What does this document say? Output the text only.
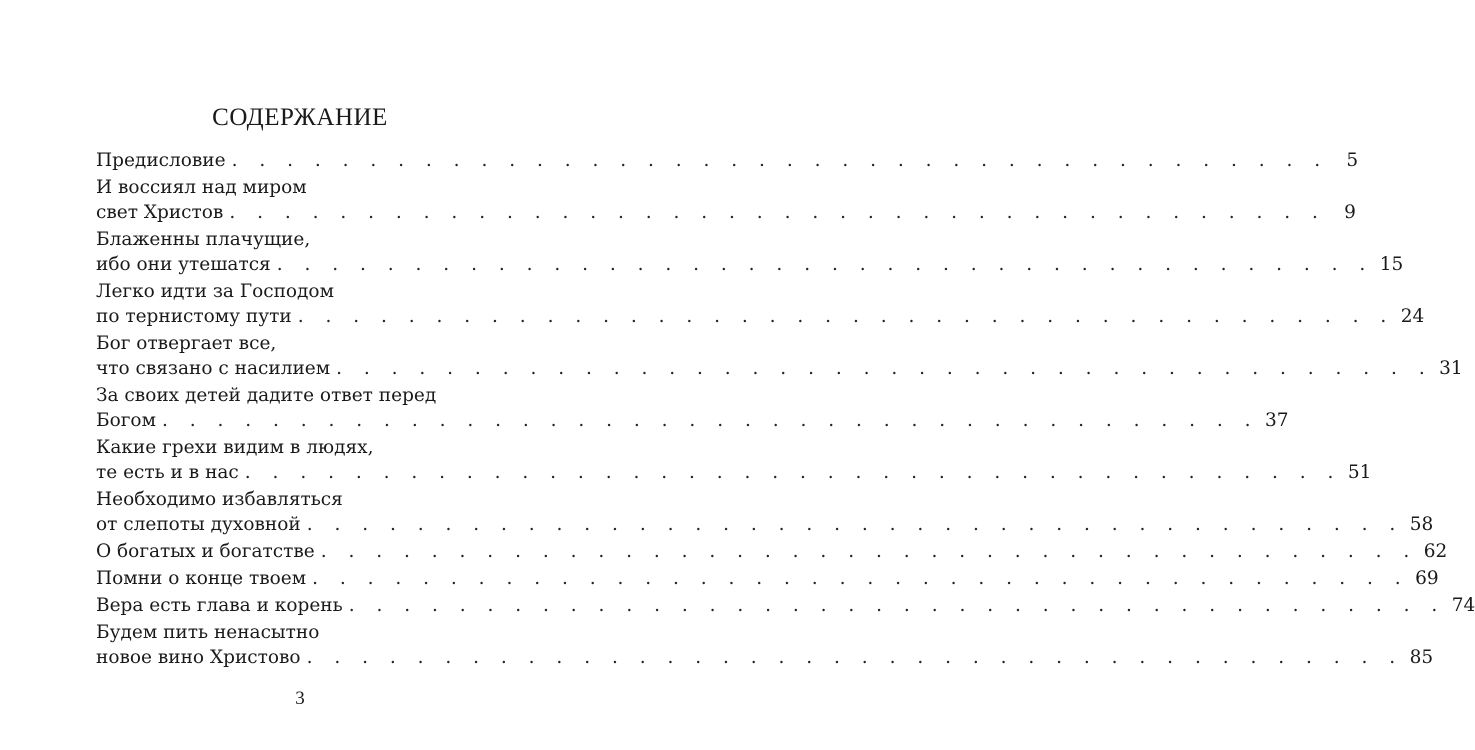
СОДЕРЖАНИЕ
Предисловие . . . . . . . . . . . . . . . . . . . . . . . . . . . . . . . . . . . . . . . . 5
И воссиял над миром
свет Христов . . . . . . . . . . . . . . . . . . . . . . . . . . . . . . . . . . . . . . . . 9
Блаженны плачущие,
ибо они утешатся . . . . . . . . . . . . . . . . . . . . . . . . . . . . . . . . . . . . . . . . 15
Легко идти за Господом
по тернистому пути . . . . . . . . . . . . . . . . . . . . . . . . . . . . . . . . . . . . . . . . 24
Бог отвергает все,
что связано с насилием . . . . . . . . . . . . . . . . . . . . . . . . . . . . . . . . . . . . . . . . 31
За своих детей дадите ответ перед
Богом . . . . . . . . . . . . . . . . . . . . . . . . . . . . . . . . . . . . . . . . 37
Какие грехи видим в людях,
те есть и в нас . . . . . . . . . . . . . . . . . . . . . . . . . . . . . . . . . . . . . . . . 51
Необходимо избавляться
от слепоты духовной . . . . . . . . . . . . . . . . . . . . . . . . . . . . . . . . . . . . . . . . 58
О богатых и богатстве . . . . . . . . . . . . . . . . . . . . . . . . . . . . . . . . . . . . . . . . 62
Помни о конце твоем . . . . . . . . . . . . . . . . . . . . . . . . . . . . . . . . . . . . . . . . 69
Вера есть глава и корень . . . . . . . . . . . . . . . . . . . . . . . . . . . . . . . . . . . . . . . . 74
Будем пить ненасытно
новое вино Христово . . . . . . . . . . . . . . . . . . . . . . . . . . . . . . . . . . . . . . . . 85
3
